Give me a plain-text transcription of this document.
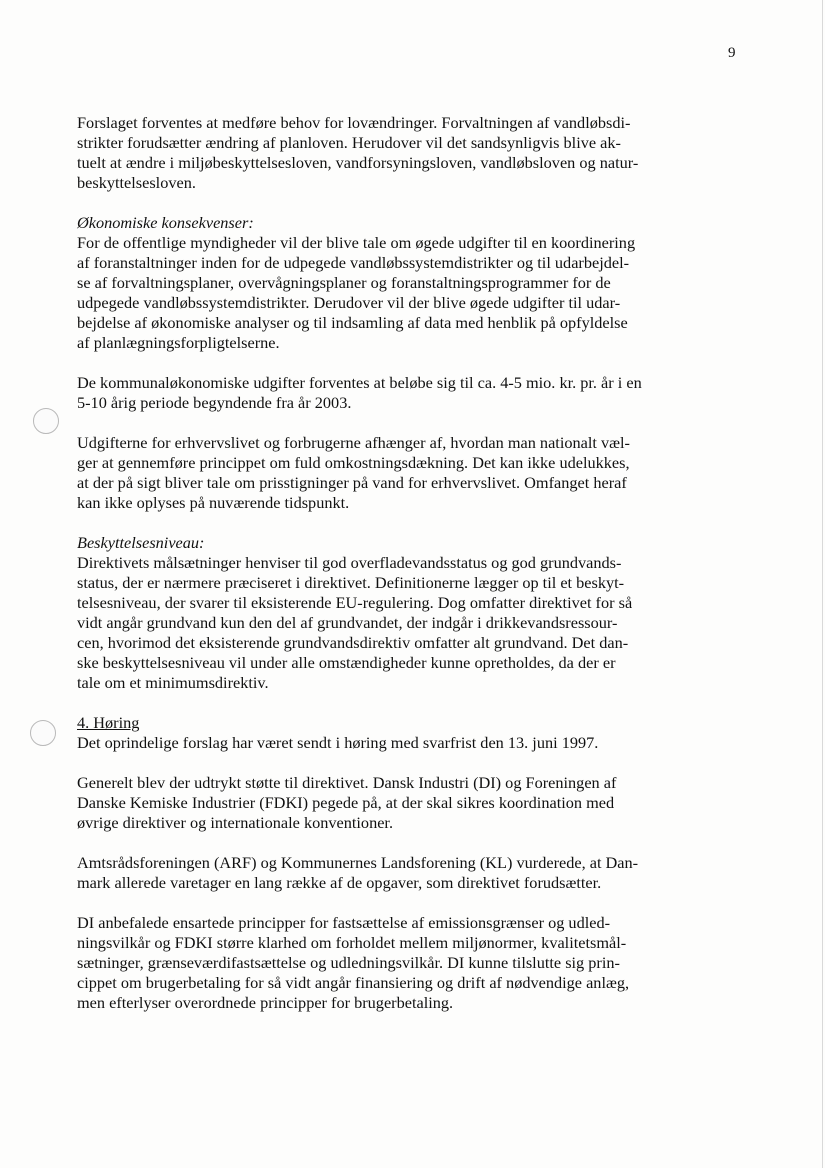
9
Forslaget forventes at medføre behov for lovændringer. Forvaltningen af vandløbsdi-
strikter forudsætter ændring af planloven. Herudover vil det sandsynligvis blive ak-
tuelt at ændre i miljøbeskyttelsesloven, vandforsyningsloven, vandløbsloven og natur-
beskyttelsesloven.

Økonomiske konsekvenser:

For de offentlige myndigheder vil der blive tale om øgede udgifter til en koordinering
af foranstaltninger inden for de udpegede vandløbssystemdistrikter og til udarbejdel-
se af forvaltningsplaner, overvågningsplaner og foranstaltningsprogrammer for de
udpegede vandløbssystemdistrikter. Derudover vil der blive øgede udgifter til udar-
bejdelse af økonomiske analyser og til indsamling af data med henblik på opfyldelse
af planlægningsforpligtelserne.
De kommunaløkonomiske udgifter forventes at beløbe sig til ca. 4-5 mio. kr. pr. år i en
5-10 årig periode begyndende fra år 2003.
Udgifterne for erhvervslivet og forbrugerne afhænger af, hvordan man nationalt væl-
ger at gennemføre princippet om fuld omkostningsdækning. Det kan ikke udelukkes,
at der på sigt bliver tale om prisstigninger på vand for erhvervslivet. Omfanget heraf
kan ikke oplyses på nuværende tidspunkt.

Beskyttelsesniveau:

Direktivets målsætninger henviser til god overfladevandsstatus og god grundvands-
status, der er nærmere præciseret i direktivet. Definitionerne lægger op til et beskyt-
telsesniveau, der svarer til eksisterende EU-regulering. Dog omfatter direktivet for så
vidt angår grundvand kun den del af grundvandet, der indgår i drikkevandsressour-
cen, hvorimod det eksisterende grundvandsdirektiv omfatter alt grundvand. Det dan-
ske beskyttelsesniveau vil under alle omstændigheder kunne opretholdes, da der er
tale om et minimumsdirektiv.

4. Høring

Det oprindelige forslag har været sendt i høring med svarfrist den 13. juni 1997.
Generelt blev der udtrykt støtte til direktivet. Dansk Industri (DI) og Foreningen af
Danske Kemiske Industrier (FDKI) pegede på, at der skal sikres koordination med
øvrige direktiver og internationale konventioner.
Amtsrådsforeningen (ARF) og Kommunernes Landsforening (KL) vurderede, at Dan-
mark allerede varetager en lang række af de opgaver, som direktivet forudsætter.
DI anbefalede ensartede principper for fastsættelse af emissionsgrænser og udled-
ningsvilkår og FDKI større klarhed om forholdet mellem miljønormer, kvalitetsmål-
sætninger, grænseværdifastsættelse og udledningsvilkår. DI kunne tilslutte sig prin-
cippet om brugerbetaling for så vidt angår finansiering og drift af nødvendige anlæg,
men efterlyser overordnede principper for brugerbetaling.
